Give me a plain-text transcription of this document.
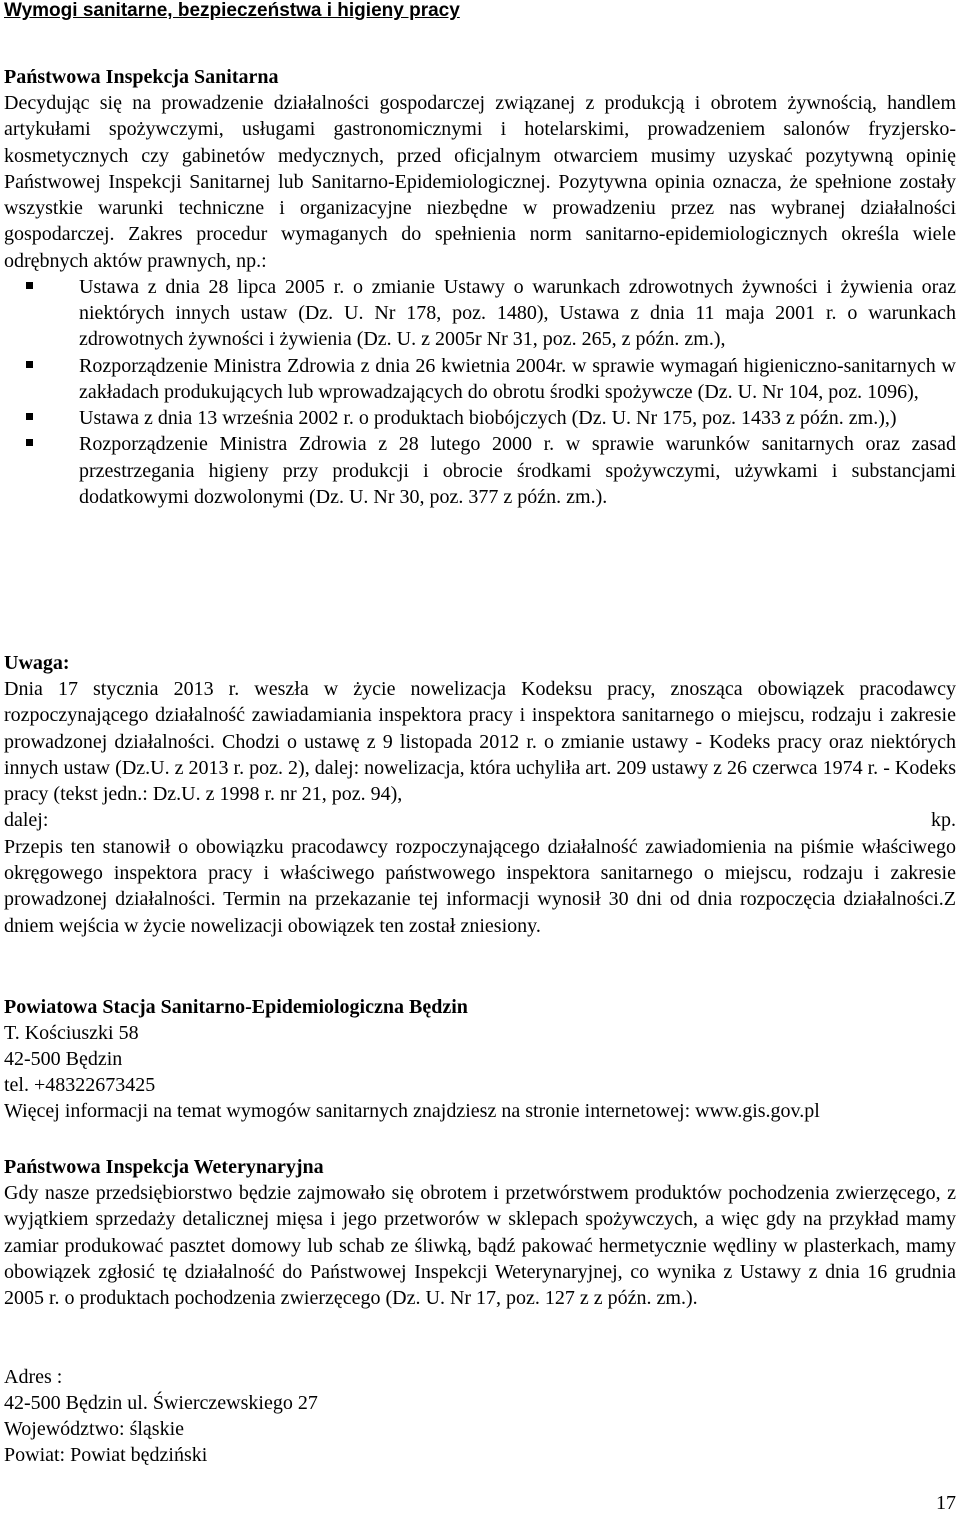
Wymogi sanitarne, bezpieczeństwa i higieny pracy

Państwowa Inspekcja Sanitarna

Decydując się na prowadzenie działalności gospodarczej związanej z produkcją i obrotem żywnością, handlem artykułami spożywczymi, usługami gastronomicznymi i hotelarskimi, prowadzeniem salonów fryzjersko-kosmetycznych czy gabinetów medycznych, przed oficjalnym otwarciem musimy uzyskać pozytywną opinię Państwowej Inspekcji Sanitarnej lub Sanitarno-Epidemiologicznej. Pozytywna opinia oznacza, że spełnione zostały wszystkie warunki techniczne i organizacyjne niezbędne w prowadzeniu przez nas wybranej działalności gospodarczej. Zakres procedur wymaganych do spełnienia norm sanitarno-epidemiologicznych określa wiele odrębnych aktów prawnych, np.:

Ustawa z dnia 28 lipca 2005 r. o zmianie Ustawy o warunkach zdrowotnych żywności i żywienia oraz niektórych innych ustaw (Dz. U. Nr 178, poz. 1480), Ustawa z dnia 11 maja 2001 r. o warunkach zdrowotnych żywności i żywienia (Dz. U. z 2005r Nr 31, poz. 265, z późn. zm.),
Rozporządzenie Ministra Zdrowia z dnia 26 kwietnia 2004r. w sprawie wymagań higieniczno-sanitarnych w zakładach produkujących lub wprowadzających do obrotu środki spożywcze (Dz. U. Nr 104, poz. 1096),
Ustawa z dnia 13 września 2002 r. o produktach biobójczych (Dz. U. Nr 175, poz. 1433 z późn. zm.),)
Rozporządzenie Ministra Zdrowia z 28 lutego 2000 r. w sprawie warunków sanitarnych oraz zasad przestrzegania higieny przy produkcji i obrocie środkami spożywczymi, używkami i substancjami dodatkowymi dozwolonymi (Dz. U. Nr 30, poz. 377 z późn. zm.).

Uwaga:

Dnia 17 stycznia 2013 r. weszła w życie nowelizacja Kodeksu pracy, znosząca obowiązek pracodawcy rozpoczynającego działalność zawiadamiania inspektora pracy i inspektora sanitarnego o miejscu, rodzaju i zakresie prowadzonej działalności. Chodzi o ustawę z 9 listopada 2012 r. o zmianie ustawy - Kodeks pracy oraz niektórych innych ustaw (Dz.U. z 2013 r. poz. 2), dalej: nowelizacja, która uchyliła art. 209 ustawy z 26 czerwca 1974 r. - Kodeks pracy (tekst jedn.: Dz.U. z 1998 r. nr 21, poz. 94),

dalej:	kp.

Przepis ten stanowił o obowiązku pracodawcy rozpoczynającego działalność zawiadomienia na piśmie właściwego okręgowego inspektora pracy i właściwego państwowego inspektora sanitarnego o miejscu, rodzaju i zakresie prowadzonej działalności. Termin na przekazanie tej informacji wynosił 30 dni od dnia rozpoczęcia działalności.Z dniem wejścia w życie nowelizacji obowiązek ten został zniesiony.

Powiatowa Stacja Sanitarno-Epidemiologiczna Będzin

T. Kościuszki 58

42-500 Będzin

tel. +48322673425

Więcej informacji na temat wymogów sanitarnych znajdziesz na stronie internetowej: www.gis.gov.pl

Państwowa Inspekcja Weterynaryjna

Gdy nasze przedsiębiorstwo będzie zajmowało się obrotem i przetwórstwem produktów pochodzenia zwierzęcego, z wyjątkiem sprzedaży detalicznej mięsa i jego przetworów w sklepach spożywczych, a więc gdy na przykład mamy zamiar produkować pasztet domowy lub schab ze śliwką, bądź pakować hermetycznie wędliny w plasterkach, mamy obowiązek zgłosić tę działalność do Państwowej Inspekcji Weterynaryjnej, co wynika z Ustawy z dnia 16 grudnia 2005 r. o produktach pochodzenia zwierzęcego (Dz. U. Nr 17, poz. 127 z z późn. zm.).

Adres :

42-500 Będzin ul. Świerczewskiego 27

Województwo: śląskie

Powiat: Powiat będziński

17
